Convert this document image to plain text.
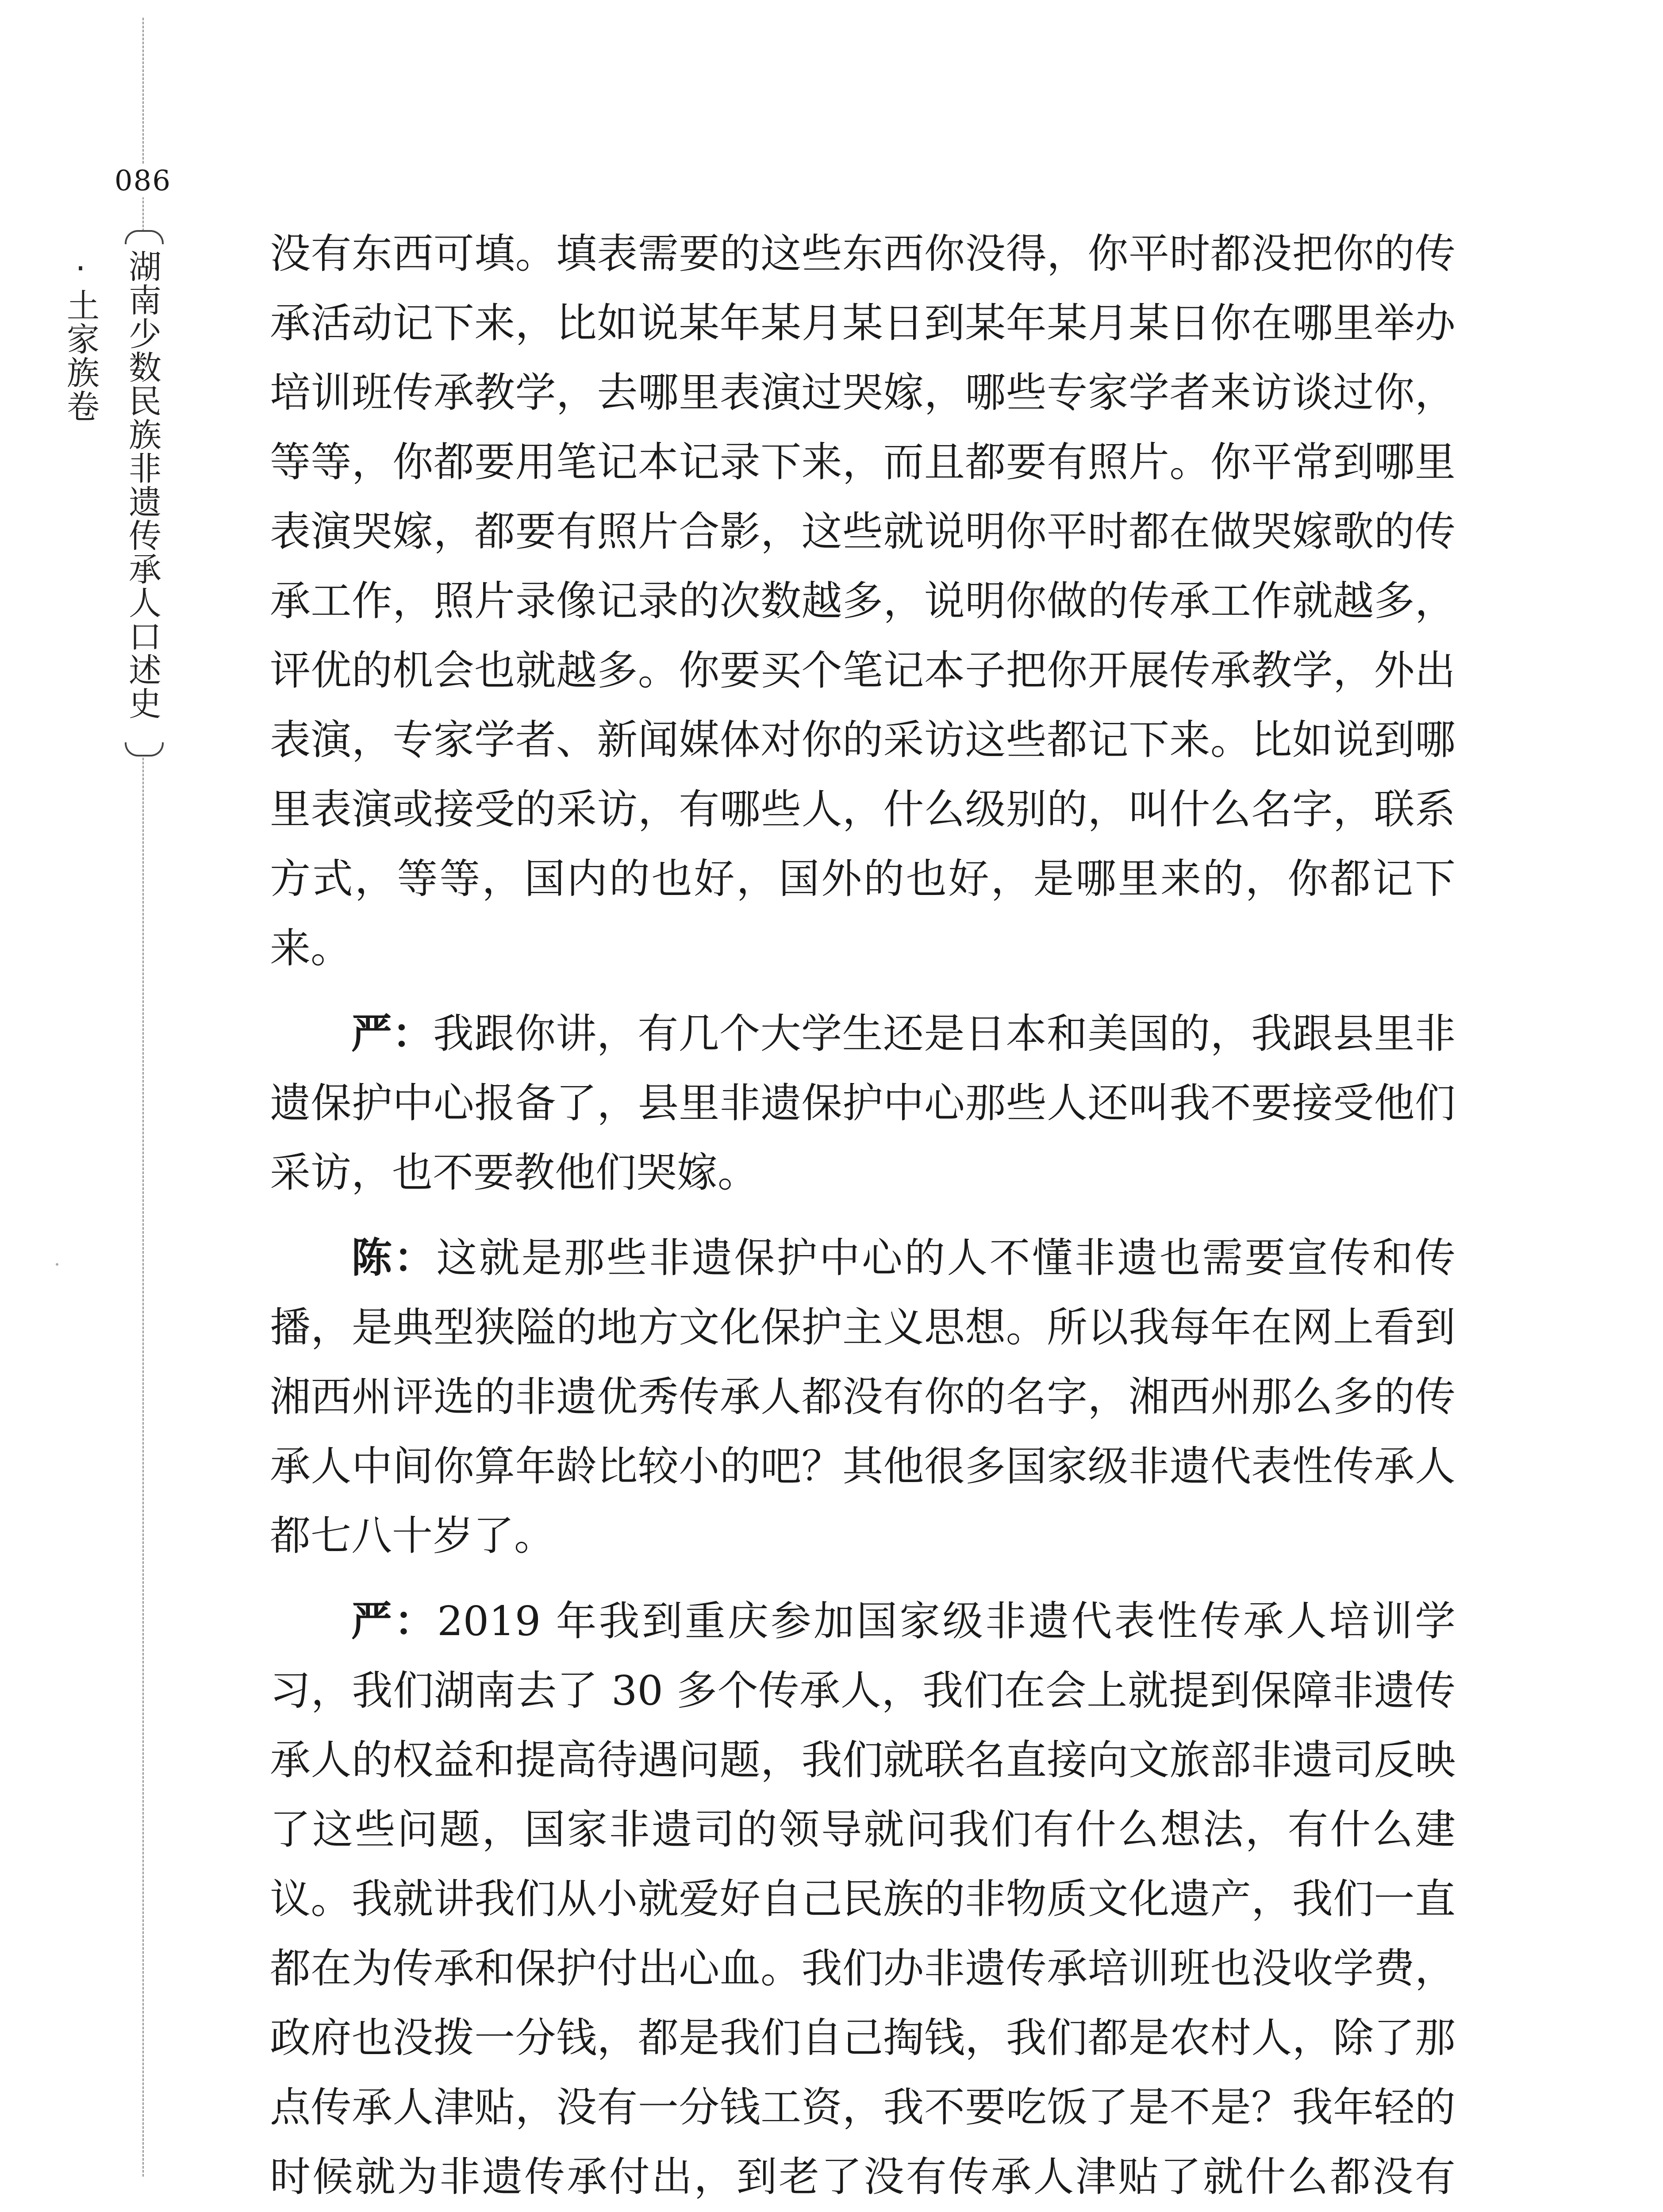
086
湖南少数民族非遗传承人口述史·土家族卷	没有东西可填。填表需要的这些东西你没得，你平时都没把你的传承活动记下来，比如说某年某月某日到某年某月某日你在哪里举办培训班传承教学，去哪里表演过哭嫁，哪些专家学者来访谈过你，等等，你都要用笔记本记录下来，而且都要有照片。你平常到哪里表演哭嫁，都要有照片合影，这些就说明你平时都在做哭嫁歌的传承工作，照片录像记录的次数越多，说明你做的传承工作就越多，评优的机会也就越多。你要买个笔记本子把你开展传承教学，外出表演，专家学者、新闻媒体对你的采访这些都记下来。比如说到哪里表演或接受的采访，有哪些人，什么级别的，叫什么名字，联系方式，等等，国内的也好，国外的也好，是哪里来的，你都记下来。

严：我跟你讲，有几个大学生还是日本和美国的，我跟县里非遗保护中心报备了，县里非遗保护中心那些人还叫我不要接受他们采访，也不要教他们哭嫁。

陈：这就是那些非遗保护中心的人不懂非遗也需要宣传和传播，是典型狭隘的地方文化保护主义思想。所以我每年在网上看到湘西州评选的非遗优秀传承人都没有你的名字，湘西州那么多的传承人中间你算年龄比较小的吧？其他很多国家级非遗代表性传承人都七八十岁了。

严：2019 年我到重庆参加国家级非遗代表性传承人培训学习，我们湖南去了 30 多个传承人，我们在会上就提到保障非遗传承人的权益和提高待遇问题，我们就联名直接向文旅部非遗司反映了这些问题，国家非遗司的领导就问我们有什么想法，有什么建议。我就讲我们从小就爱好自己民族的非物质文化遗产，我们一直都在为传承和保护付出心血。我们办非遗传承培训班也没收学费，政府也没拨一分钱，都是我们自己掏钱，我们都是农村人，除了那点传承人津贴，没有一分钱工资，我不要吃饭了是不是？我年轻的时候就为非遗传承付出，到老了没有传承人津贴了就什么都没有
